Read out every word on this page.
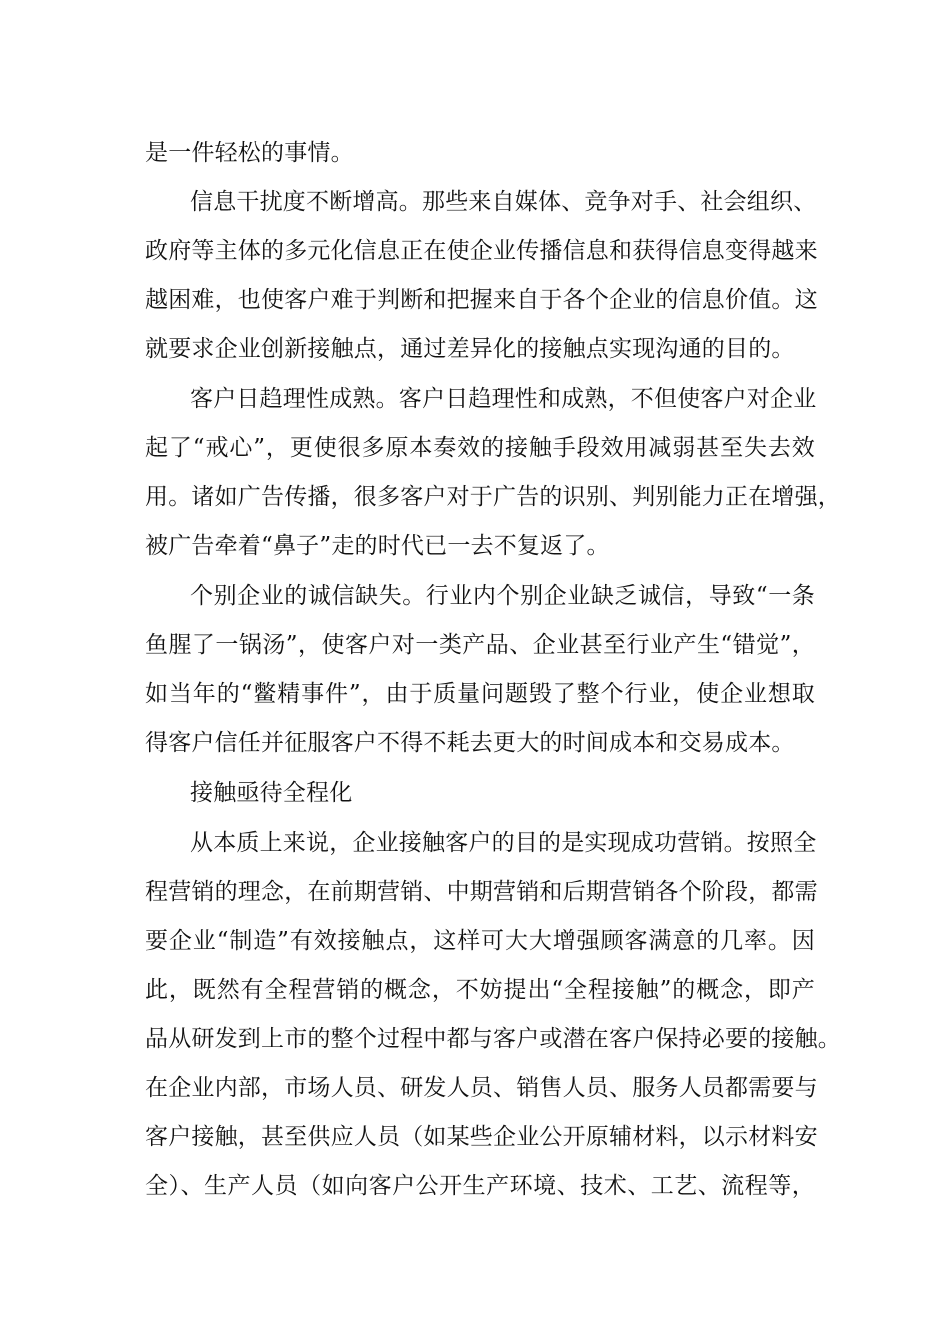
是一件轻松的事情。
信息干扰度不断增高。那些来自媒体、竞争对手、社会组织、
政府等主体的多元化信息正在使企业传播信息和获得信息变得越来
越困难，也使客户难于判断和把握来自于各个企业的信息价值。这
就要求企业创新接触点，通过差异化的接触点实现沟通的目的。
客户日趋理性成熟。客户日趋理性和成熟，不但使客户对企业
起了“戒心”，更使很多原本奏效的接触手段效用减弱甚至失去效
用。诸如广告传播，很多客户对于广告的识别、判别能力正在增强，
被广告牵着“鼻子”走的时代已一去不复返了。
个别企业的诚信缺失。行业内个别企业缺乏诚信，导致“一条
鱼腥了一锅汤”，使客户对一类产品、企业甚至行业产生“错觉”，
如当年的“鳖精事件”，由于质量问题毁了整个行业，使企业想取
得客户信任并征服客户不得不耗去更大的时间成本和交易成本。
接触亟待全程化
从本质上来说，企业接触客户的目的是实现成功营销。按照全
程营销的理念，在前期营销、中期营销和后期营销各个阶段，都需
要企业“制造”有效接触点，这样可大大增强顾客满意的几率。因
此，既然有全程营销的概念，不妨提出“全程接触”的概念，即产
品从研发到上市的整个过程中都与客户或潜在客户保持必要的接触。
在企业内部，市场人员、研发人员、销售人员、服务人员都需要与
客户接触，甚至供应人员（如某些企业公开原辅材料，以示材料安
全）、生产人员（如向客户公开生产环境、技术、工艺、流程等，
